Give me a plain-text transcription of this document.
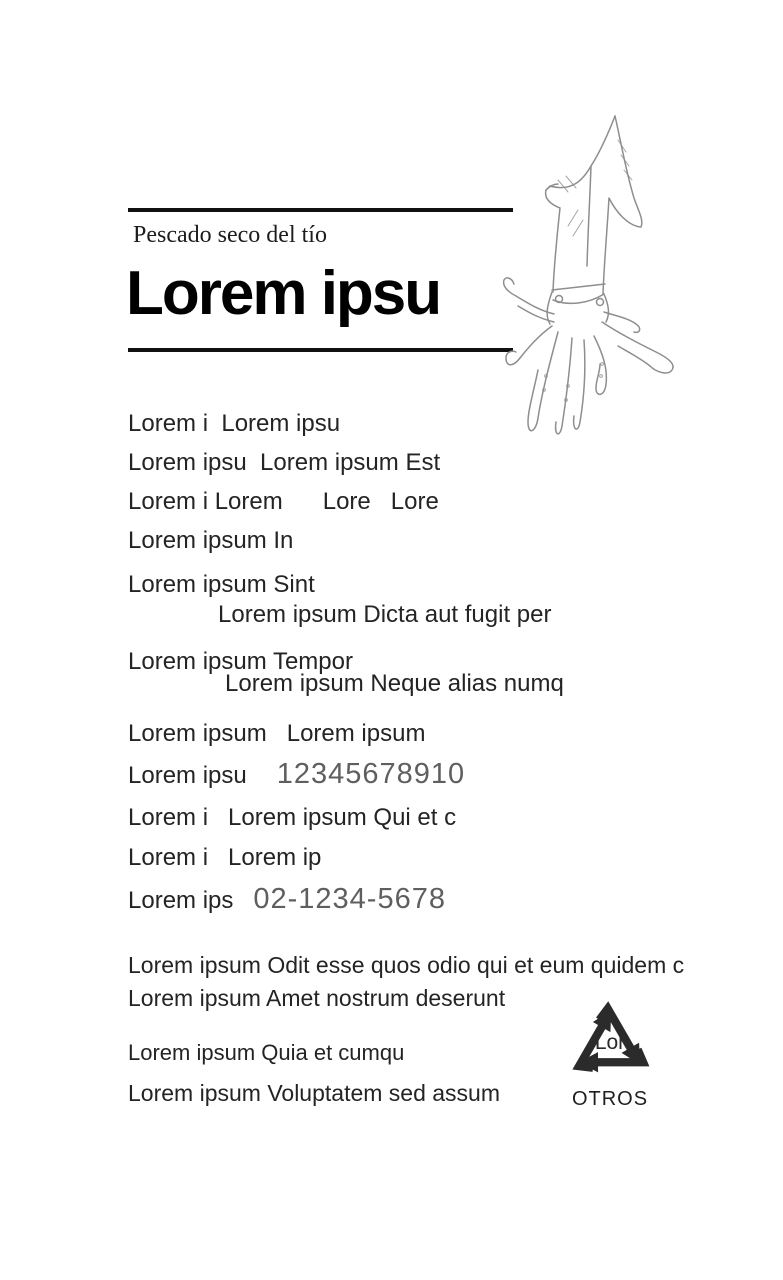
Pescado seco del tío
Lorem ipsu
Lorem i  Lorem ipsu
Lorem ipsu  Lorem ipsum Est
Lorem i Lorem      Lore   Lore
Lorem ipsum In
Lorem ipsum Sint
Lorem ipsum Dicta aut fugit per
Lorem ipsum Tempor
Lorem ipsum Neque alias numq
Lorem ipsum   Lorem ipsum
Lorem ipsu 12345678910
Lorem i   Lorem ipsum Qui et c
Lorem i   Lorem ip
Lorem ips 02-1234-5678
Lorem ipsum Odit esse quos odio qui et eum quidem c
Lorem ipsum Amet nostrum deserunt
Lorem ipsum Quia et cumqu
Lorem ipsum Voluptatem sed assum
Lor
OTROS
